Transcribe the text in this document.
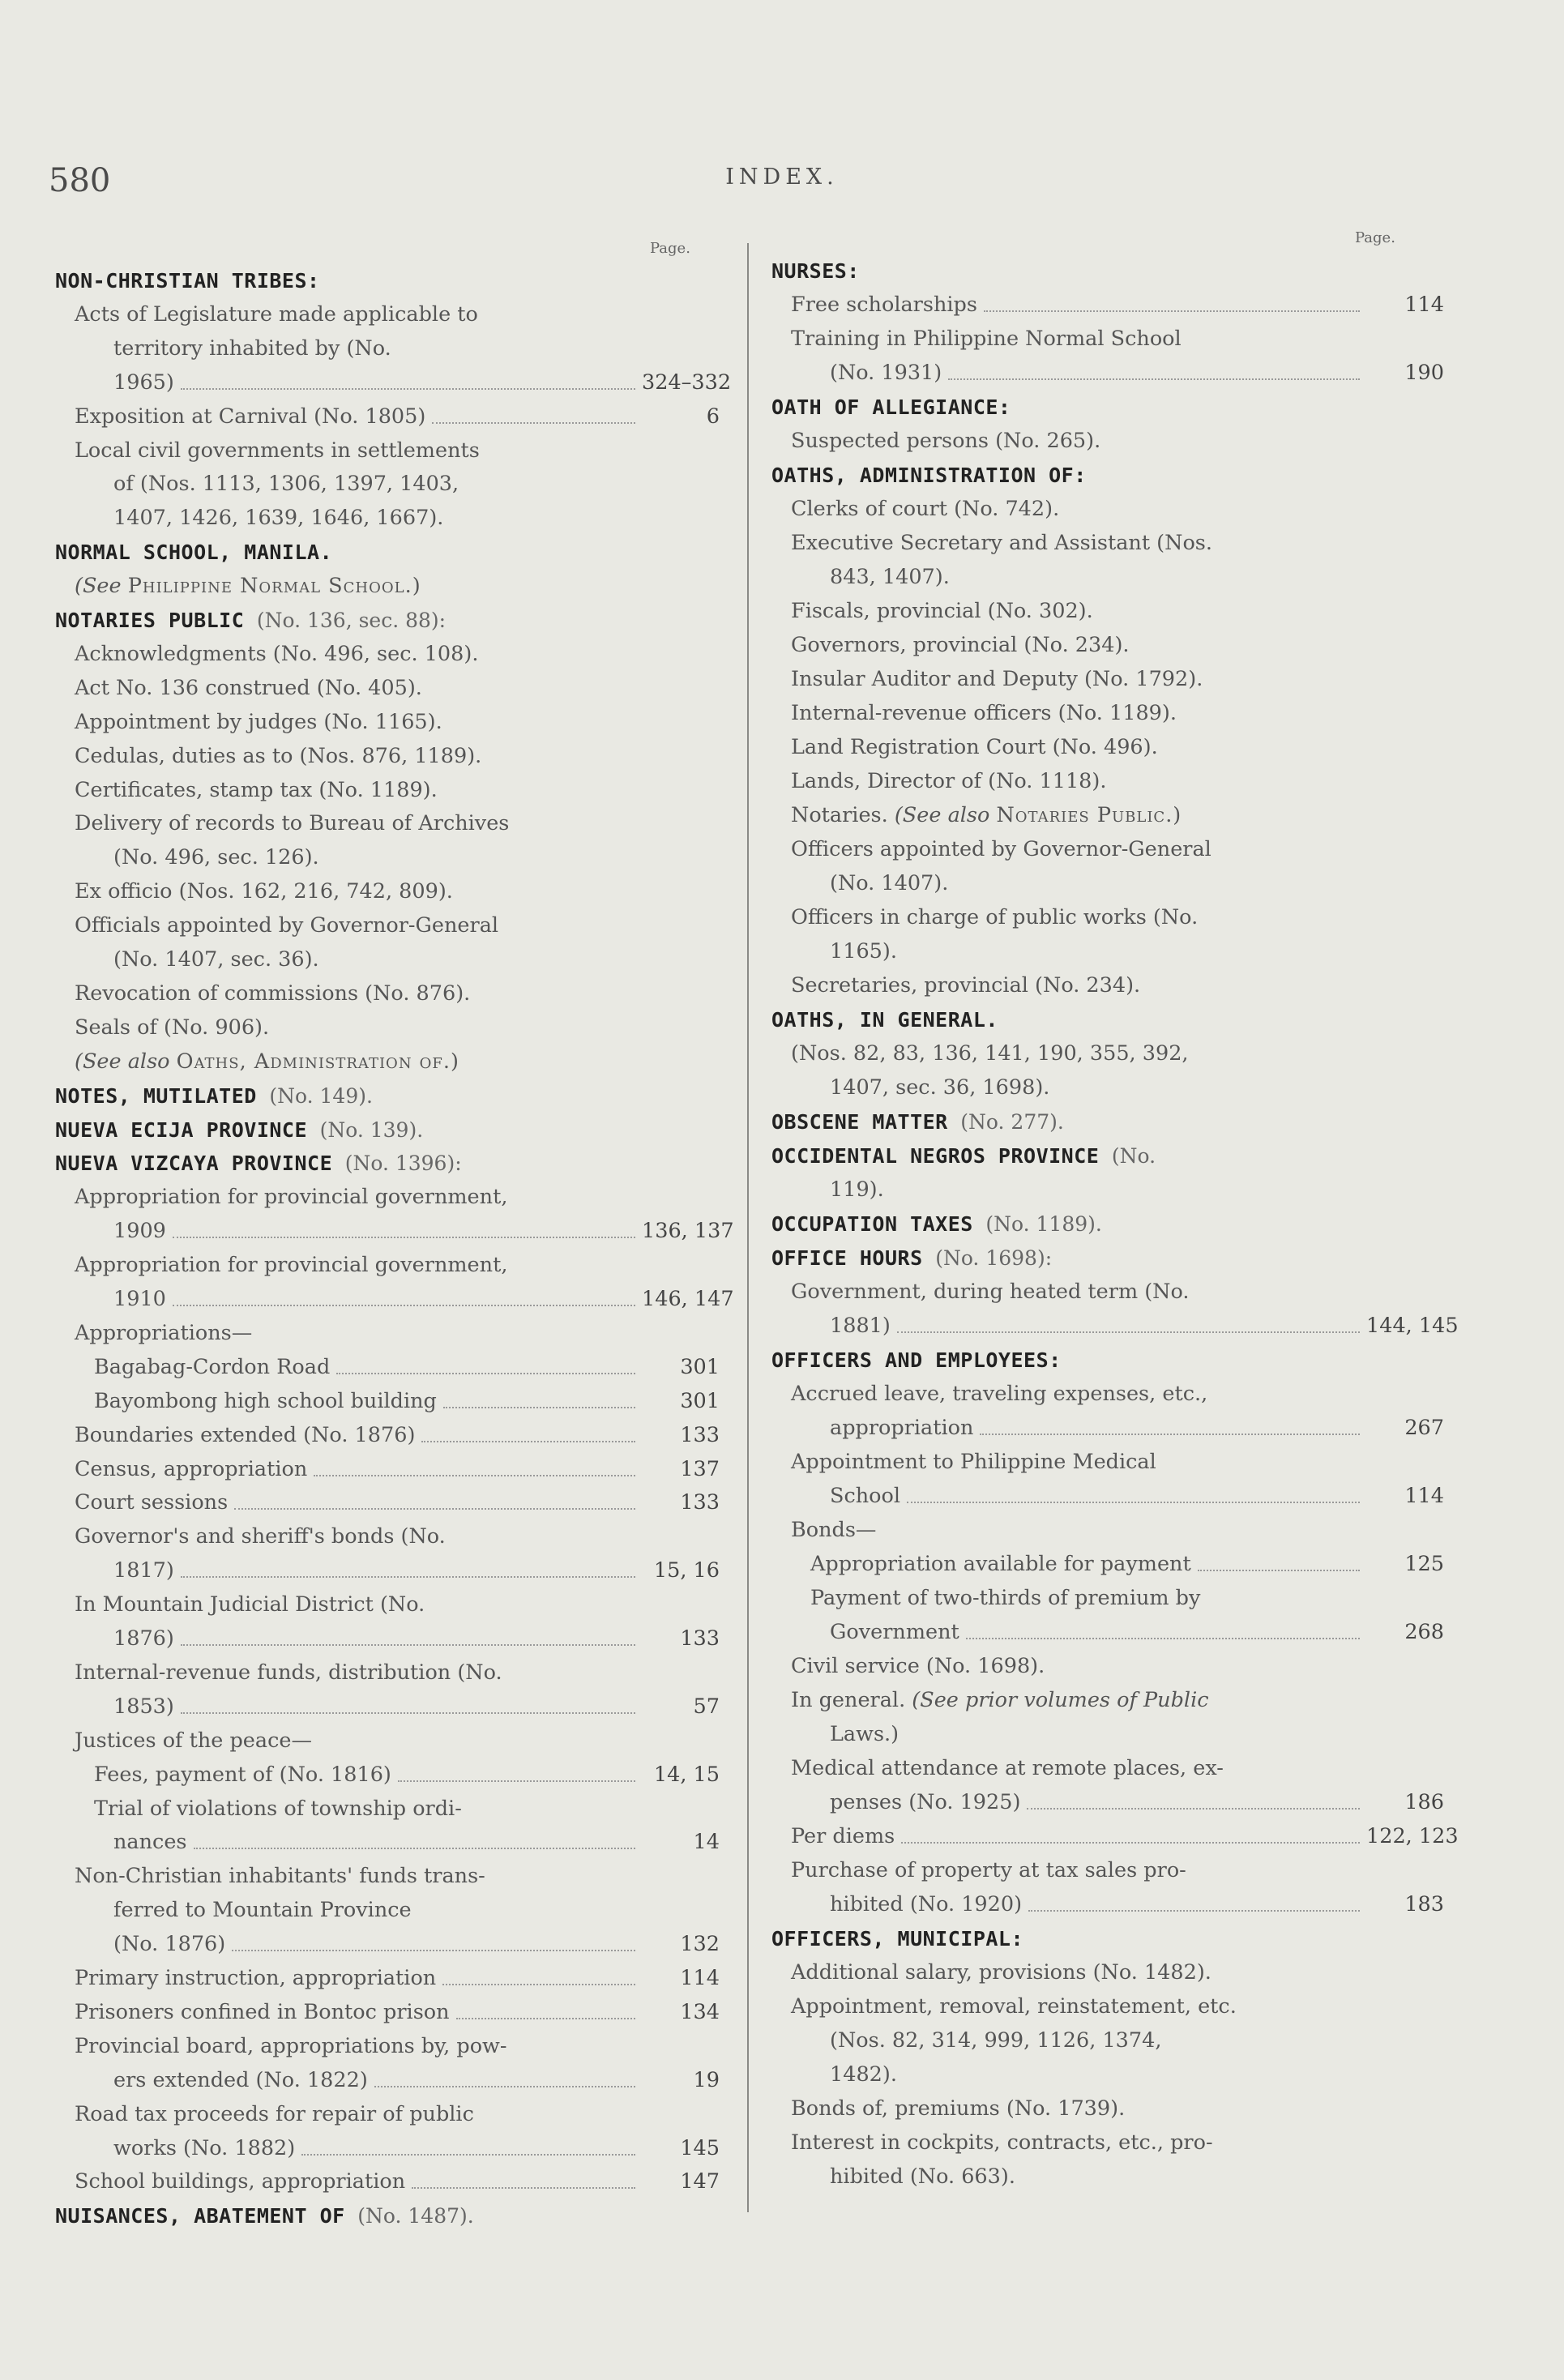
580	INDEX.
Page.
NON-CHRISTIAN TRIBES:
Acts of Legislature made applicable to
territory inhabited by (No.
1965)	324–332
Exposition at Carnival (No. 1805)	6
Local civil governments in settlements
of (Nos. 1113, 1306, 1397, 1403,
1407, 1426, 1639, 1646, 1667).
NORMAL SCHOOL, MANILA.
(See Philippine Normal School.)
NOTARIES PUBLIC (No. 136, sec. 88):
Acknowledgments (No. 496, sec. 108).
Act No. 136 construed (No. 405).
Appointment by judges (No. 1165).
Cedulas, duties as to (Nos. 876, 1189).
Certificates, stamp tax (No. 1189).
Delivery of records to Bureau of Archives
(No. 496, sec. 126).
Ex officio (Nos. 162, 216, 742, 809).
Officials appointed by Governor-General
(No. 1407, sec. 36).
Revocation of commissions (No. 876).
Seals of (No. 906).
(See also Oaths, Administration of.)
NOTES, MUTILATED (No. 149).
NUEVA ECIJA PROVINCE (No. 139).
NUEVA VIZCAYA PROVINCE (No. 1396):
Appropriation for provincial government,
1909	136, 137
Appropriation for provincial government,
1910	146, 147
Appropriations—
Bagabag-Cordon Road	301
Bayombong high school building	301
Boundaries extended (No. 1876)	133
Census, appropriation	137
Court sessions	133
Governor's and sheriff's bonds (No.
1817)	15, 16
In Mountain Judicial District (No.
1876)	133
Internal-revenue funds, distribution (No.
1853)	57
Justices of the peace—
Fees, payment of (No. 1816)	14, 15
Trial of violations of township ordi-
nances	14
Non-Christian inhabitants' funds trans-
ferred to Mountain Province
(No. 1876)	132
Primary instruction, appropriation	114
Prisoners confined in Bontoc prison	134
Provincial board, appropriations by, pow-
ers extended (No. 1822)	19
Road tax proceeds for repair of public
works (No. 1882)	145
School buildings, appropriation	147
NUISANCES, ABATEMENT OF (No. 1487).
Page.
NURSES:
Free scholarships	114
Training in Philippine Normal School
(No. 1931)	190
OATH OF ALLEGIANCE:
Suspected persons (No. 265).
OATHS, ADMINISTRATION OF:
Clerks of court (No. 742).
Executive Secretary and Assistant (Nos.
843, 1407).
Fiscals, provincial (No. 302).
Governors, provincial (No. 234).
Insular Auditor and Deputy (No. 1792).
Internal-revenue officers (No. 1189).
Land Registration Court (No. 496).
Lands, Director of (No. 1118).
Notaries. (See also Notaries Public.)
Officers appointed by Governor-General
(No. 1407).
Officers in charge of public works (No.
1165).
Secretaries, provincial (No. 234).
OATHS, IN GENERAL.
(Nos. 82, 83, 136, 141, 190, 355, 392,
1407, sec. 36, 1698).
OBSCENE MATTER (No. 277).
OCCIDENTAL NEGROS PROVINCE (No.
119).
OCCUPATION TAXES (No. 1189).
OFFICE HOURS (No. 1698):
Government, during heated term (No.
1881)	144, 145
OFFICERS AND EMPLOYEES:
Accrued leave, traveling expenses, etc.,
appropriation	267
Appointment to Philippine Medical
School	114
Bonds—
Appropriation available for payment	125
Payment of two-thirds of premium by
Government	268
Civil service (No. 1698).
In general. (See prior volumes of Public
Laws.)
Medical attendance at remote places, ex-
penses (No. 1925)	186
Per diems	122, 123
Purchase of property at tax sales pro-
hibited (No. 1920)	183
OFFICERS, MUNICIPAL:
Additional salary, provisions (No. 1482).
Appointment, removal, reinstatement, etc.
(Nos. 82, 314, 999, 1126, 1374,
1482).
Bonds of, premiums (No. 1739).
Interest in cockpits, contracts, etc., pro-
hibited (No. 663).
